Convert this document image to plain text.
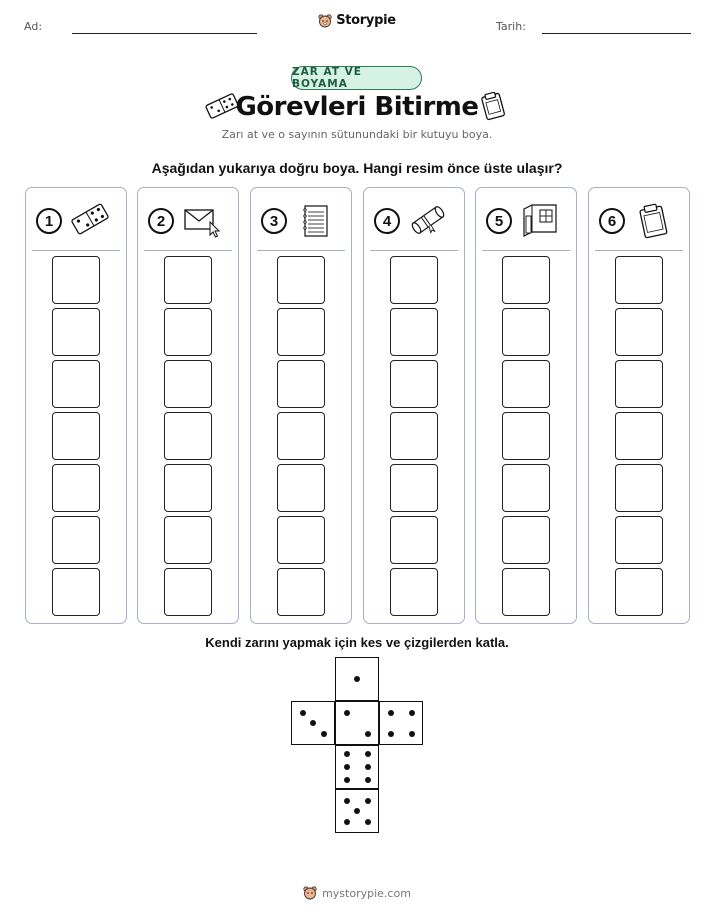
Ad:	Storypie	Tarih:
ZAR AT VE BOYAMA
Görevleri Bitirme
Zarı at ve o sayının sütunundaki bir kutuyu boya.
Aşağıdan yukarıya doğru boya. Hangi resim önce üste ulaşır?
1	2	3	4	5	6
Kendi zarını yapmak için kes ve çizgilerden katla.
mystorypie.com
